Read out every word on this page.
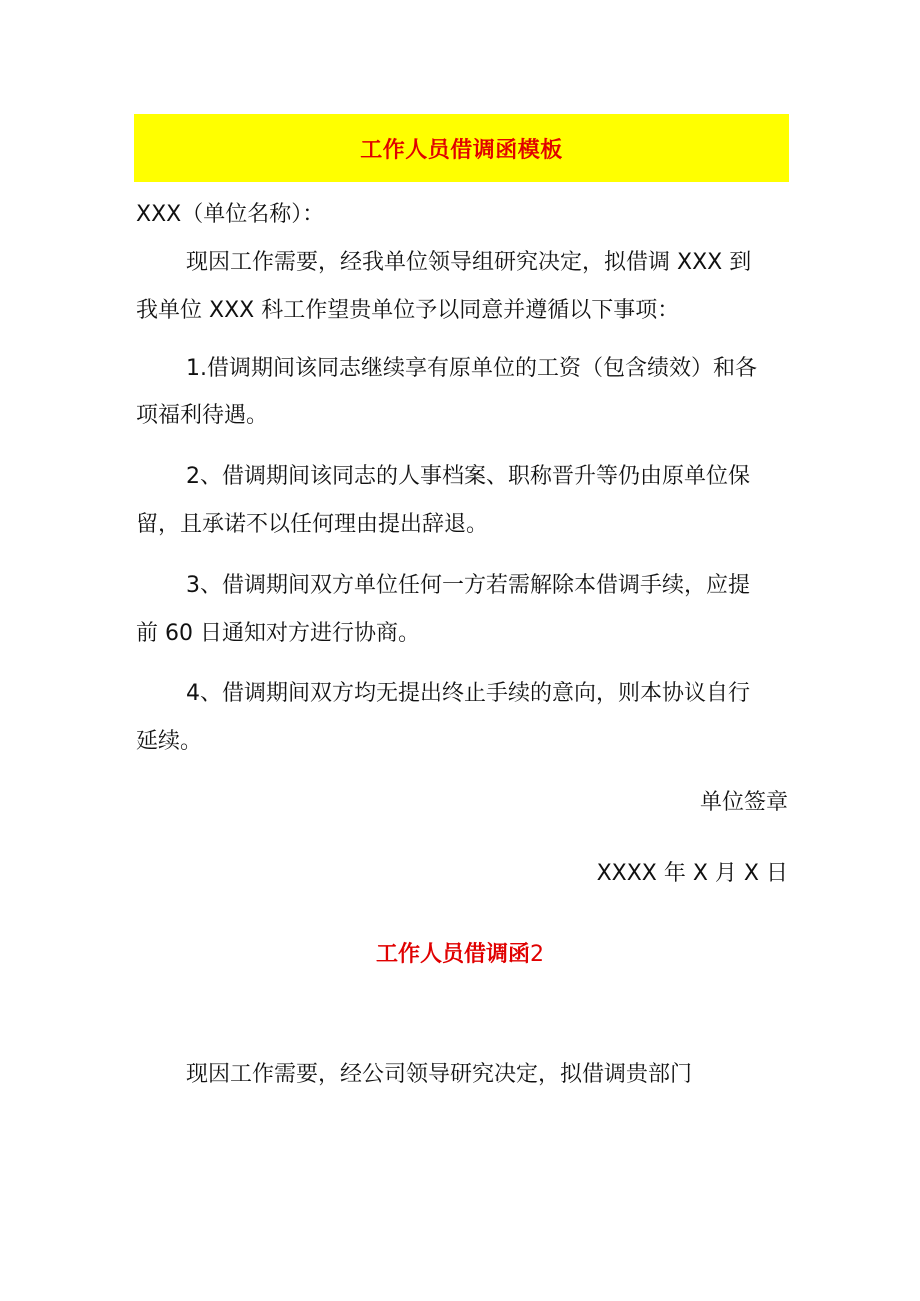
工作人员借调函模板
XXX（单位名称）：
现因工作需要，经我单位领导组研究决定，拟借调 XXX 到
我单位 XXX 科工作望贵单位予以同意并遵循以下事项：
1.借调期间该同志继续享有原单位的工资（包含绩效）和各
项福利待遇。
2、借调期间该同志的人事档案、职称晋升等仍由原单位保
留，且承诺不以任何理由提出辞退。
3、借调期间双方单位任何一方若需解除本借调手续，应提
前 60 日通知对方进行协商。
4、借调期间双方均无提出终止手续的意向，则本协议自行
延续。
单位签章
XXXX 年 X 月 X 日
工作人员借调函2
现因工作需要，经公司领导研究决定，拟借调贵部门
